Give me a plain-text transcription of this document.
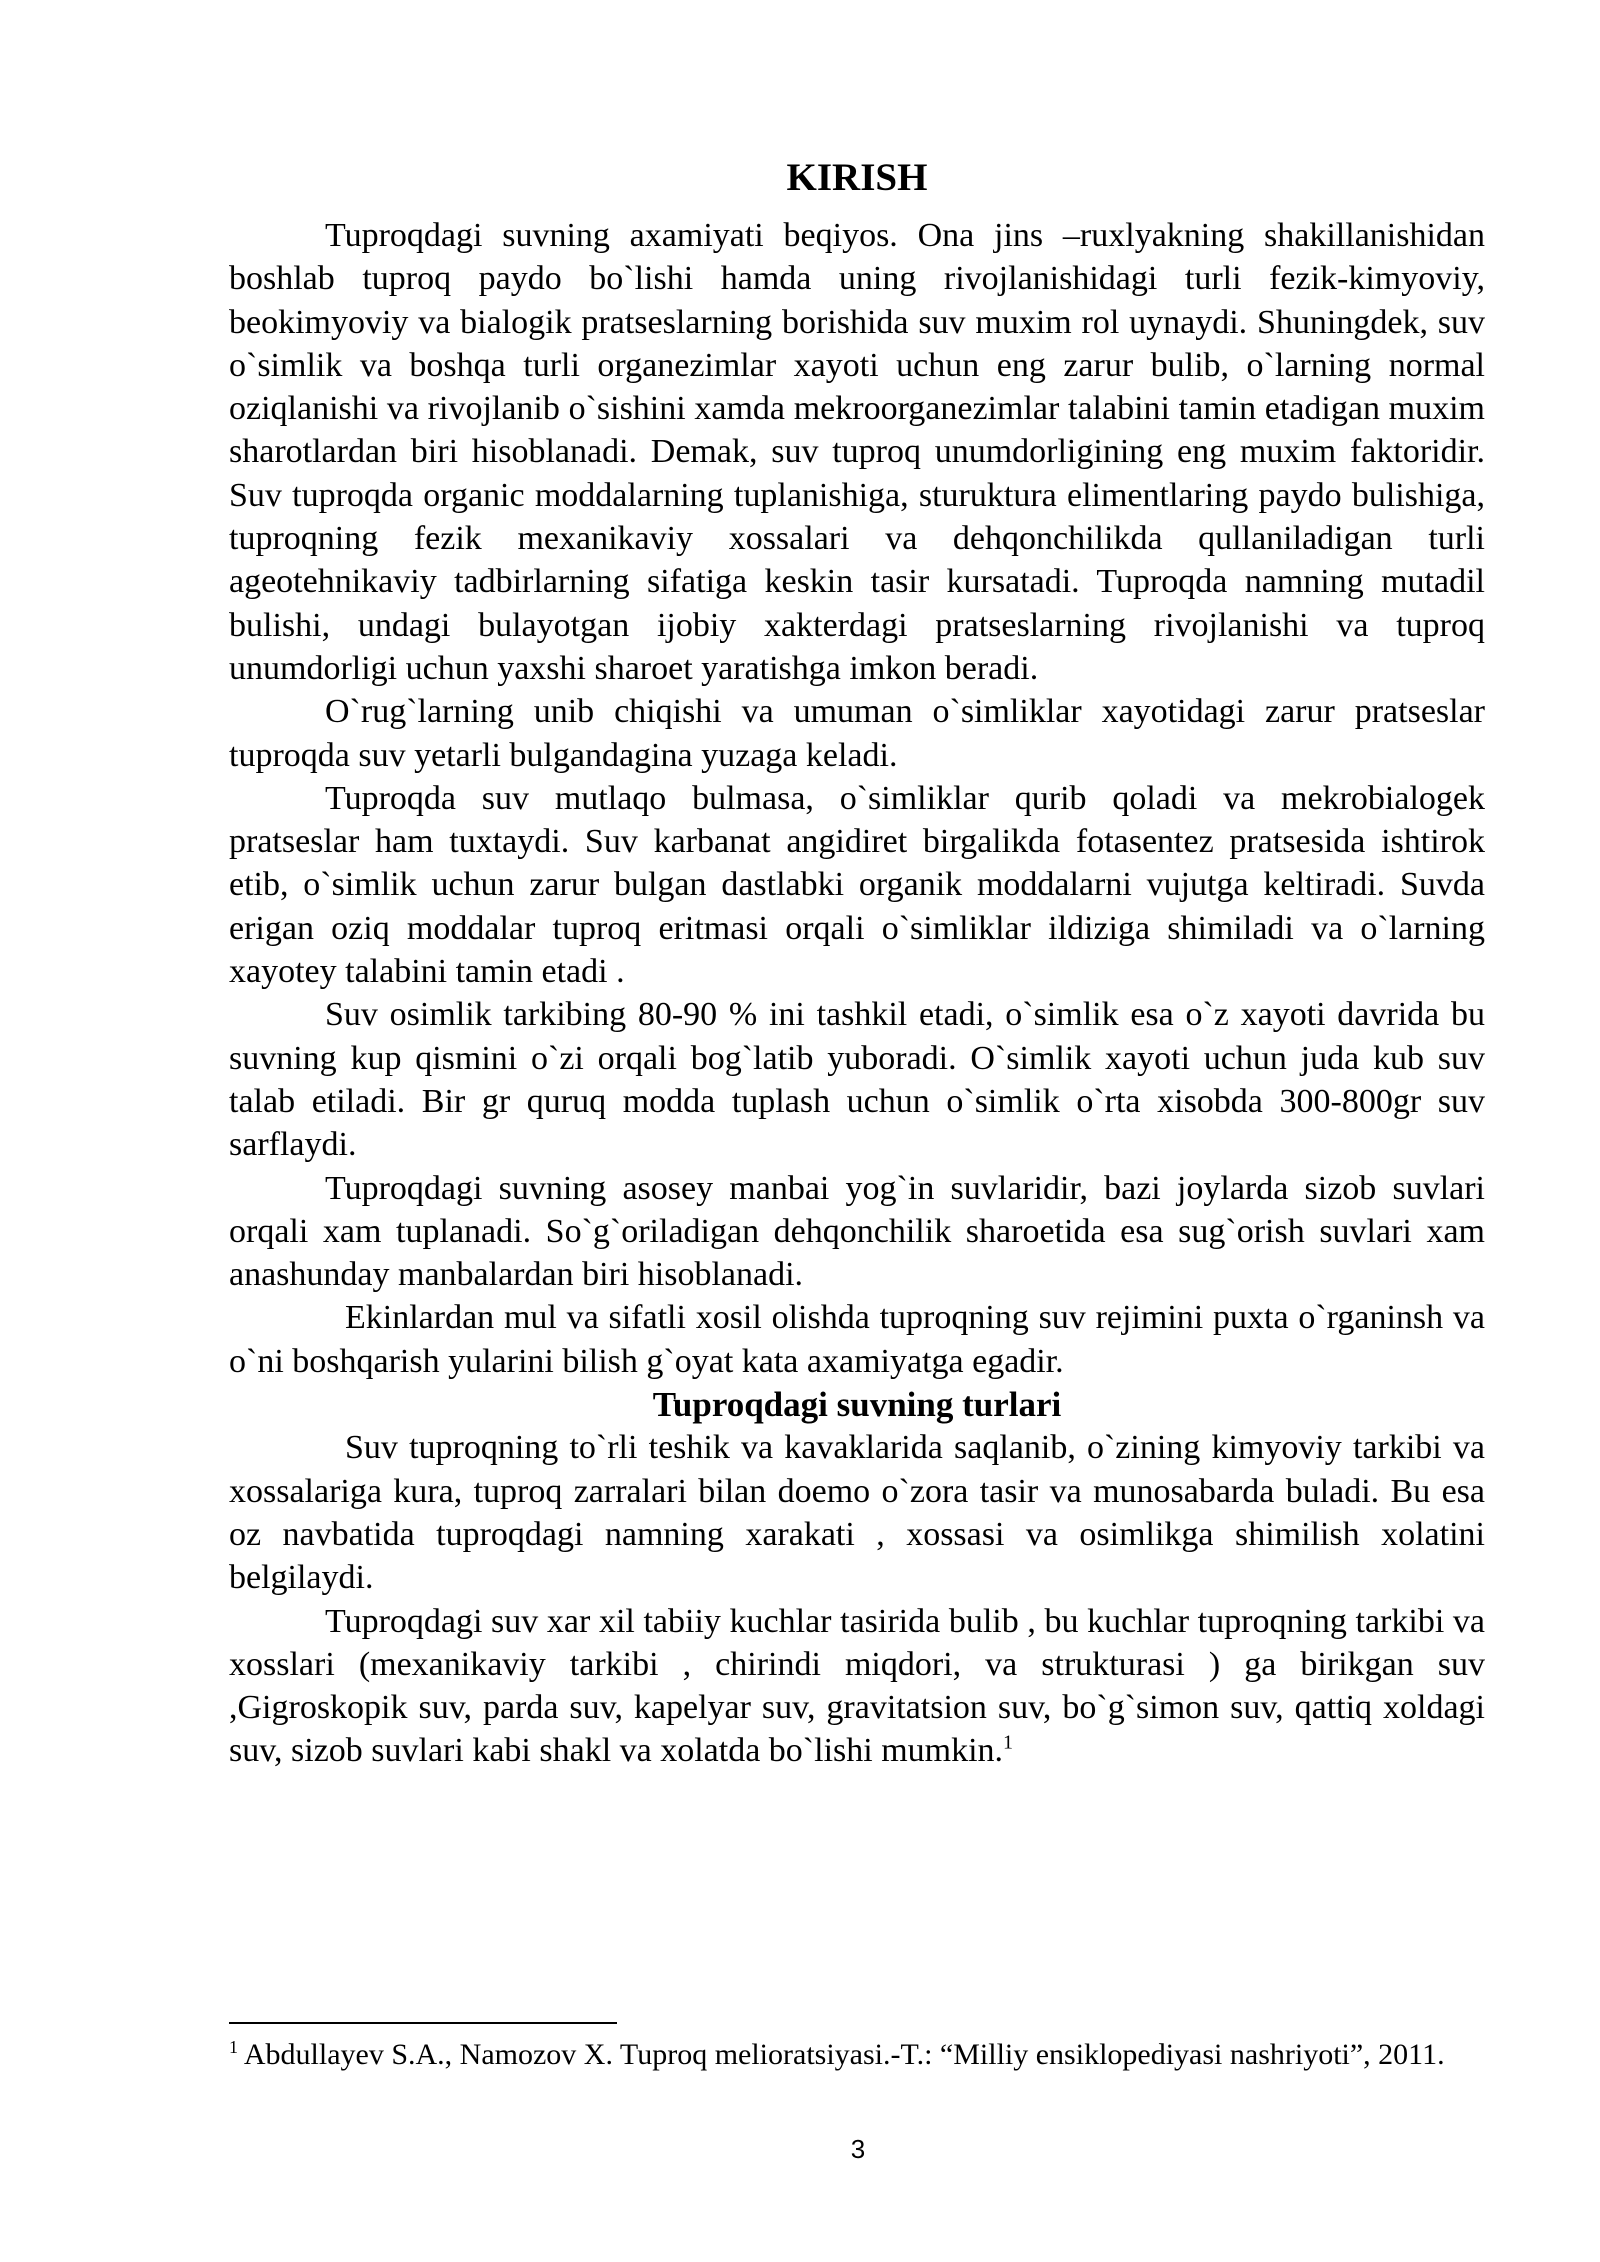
KIRISH

Tuproqdagi suvning axamiyati beqiyos. Ona jins –ruxlyakning shakillanishidan boshlab tuproq paydo bo`lishi hamda uning rivojlanishidagi turli fezik-kimyoviy, beokimyoviy va bialogik pratseslarning borishida suv muxim rol uynaydi. Shuningdek, suv o`simlik va boshqa turli organezimlar xayoti uchun eng zarur bulib, o`larning normal oziqlanishi va rivojlanib o`sishini xamda mekroorganezimlar talabini tamin etadigan muxim sharotlardan biri hisoblanadi. Demak, suv tuproq unumdorligining eng muxim faktoridir. Suv tuproqda organic moddalarning tuplanishiga, sturuktura elimentlaring paydo bulishiga, tuproqning fezik mexanikaviy xossalari va dehqonchilikda qullaniladigan turli ageotehnikaviy tadbirlarning sifatiga keskin tasir kursatadi. Tuproqda namning mutadil bulishi, undagi bulayotgan ijobiy xakterdagi pratseslarning rivojlanishi va tuproq unumdorligi uchun yaxshi sharoet yaratishga imkon beradi.

O`rug`larning unib chiqishi va umuman o`simliklar xayotidagi zarur pratseslar tuproqda suv yetarli bulgandagina yuzaga keladi.

Tuproqda suv mutlaqo bulmasa, o`simliklar qurib qoladi va mekrobialogek pratseslar ham tuxtaydi. Suv karbanat angidiret birgalikda fotasentez pratsesida ishtirok etib, o`simlik uchun zarur bulgan dastlabki organik moddalarni vujutga keltiradi. Suvda erigan oziq moddalar tuproq eritmasi orqali o`simliklar ildiziga shimiladi va o`larning xayotey talabini tamin etadi .

Suv osimlik tarkibing 80-90 % ini tashkil etadi, o`simlik esa o`z xayoti davrida bu suvning kup qismini o`zi orqali bog`latib yuboradi. O`simlik xayoti uchun juda kub suv talab etiladi. Bir gr quruq modda tuplash uchun o`simlik o`rta xisobda 300-800gr suv sarflaydi.

Tuproqdagi suvning asosey manbai yog`in suvlaridir, bazi joylarda sizob suvlari orqali xam tuplanadi. So`g`oriladigan dehqonchilik sharoetida esa sug`orish suvlari xam anashunday manbalardan biri hisoblanadi.

Ekinlardan mul va sifatli xosil olishda tuproqning suv rejimini puxta o`rganinsh va o`ni boshqarish yularini bilish g`oyat kata axamiyatga egadir.

Tuproqdagi suvning turlari

Suv tuproqning to`rli teshik va kavaklarida saqlanib, o`zining kimyoviy tarkibi va xossalariga kura, tuproq zarralari bilan doemo o`zora tasir va munosabarda buladi. Bu esa oz navbatida tuproqdagi namning xarakati , xossasi va osimlikga shimilish xolatini belgilaydi.

Tuproqdagi suv xar xil tabiiy kuchlar tasirida bulib , bu kuchlar tuproqning tarkibi va xosslari (mexanikaviy tarkibi , chirindi miqdori, va strukturasi ) ga birikgan suv ,Gigroskopik suv, parda suv, kapelyar suv, gravitatsion suv, bo`g`simon suv, qattiq xoldagi suv, sizob suvlari kabi shakl va xolatda bo`lishi mumkin.$^1$

$^1$ Abdullayev S.A., Namozov X. Tuproq melioratsiyasi.-T.: “Milliy ensiklopediyasi nashriyoti”, 2011.
3
